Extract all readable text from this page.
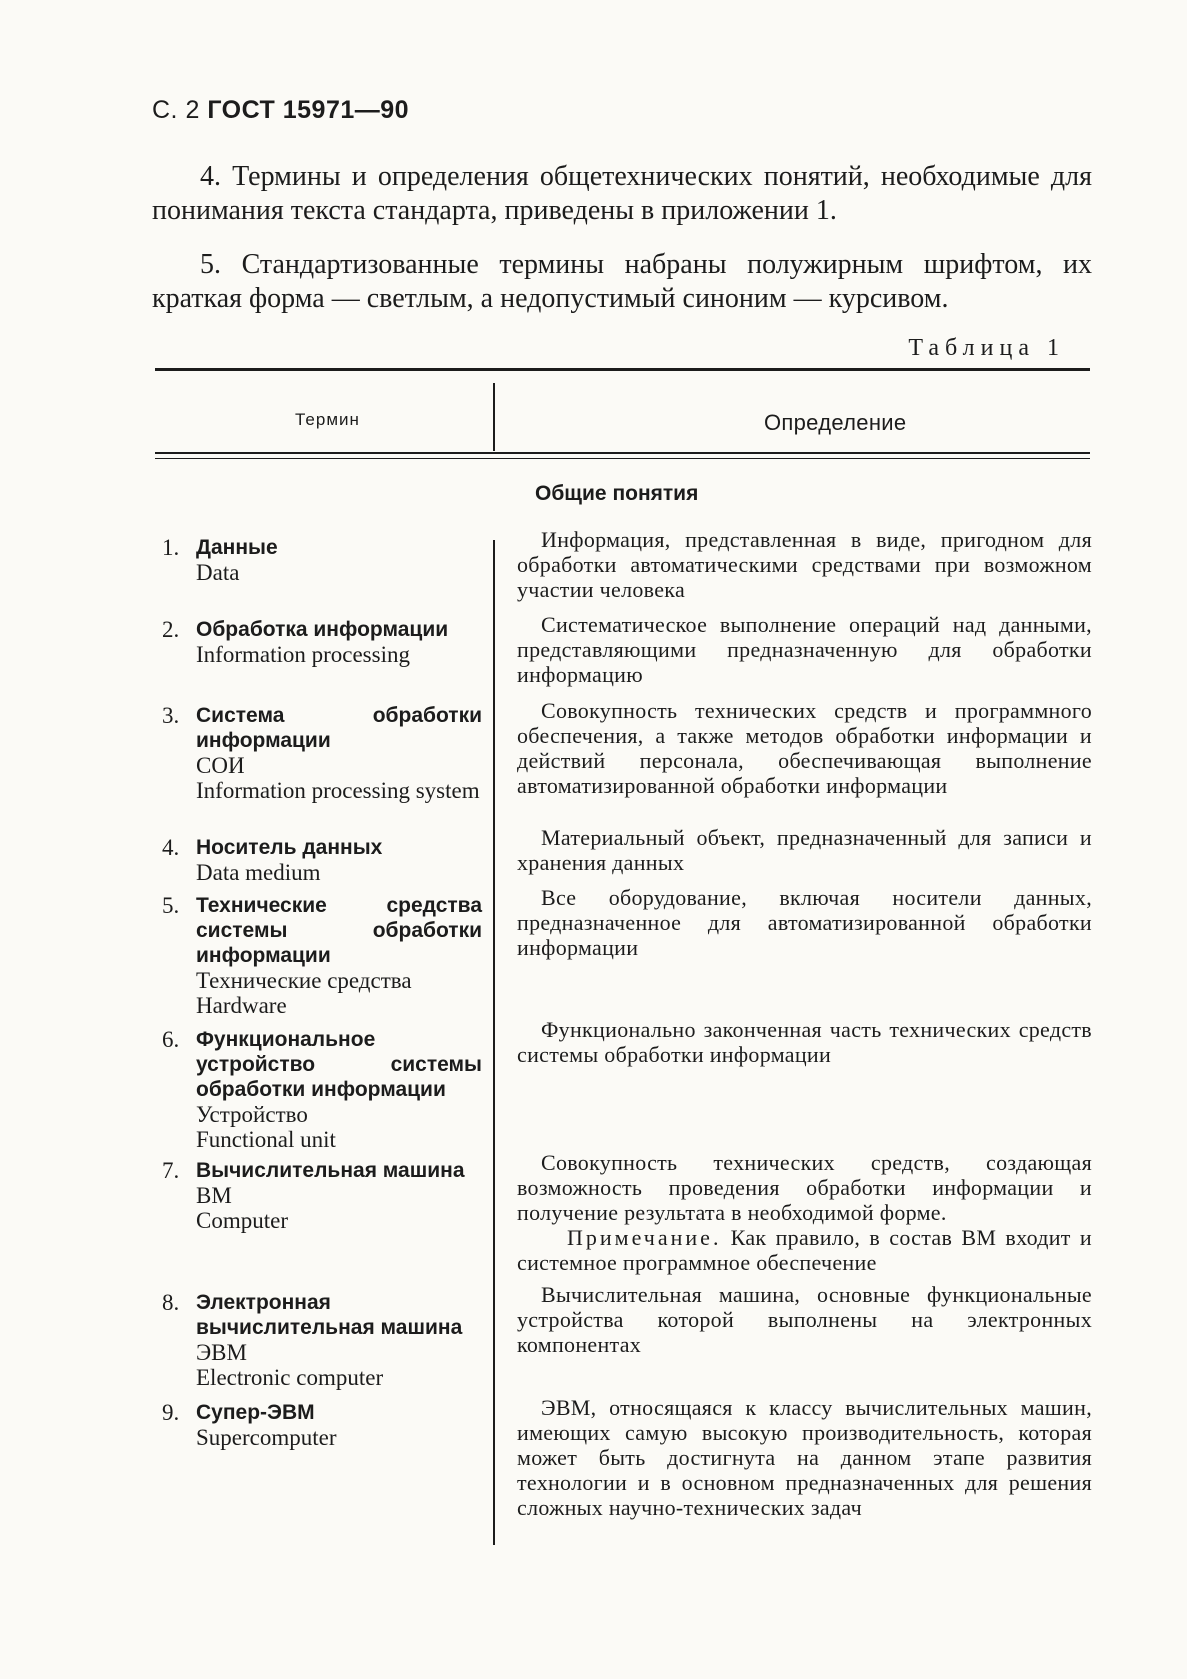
С. 2 ГОСТ 15971—90

4. Термины и определения общетехнических понятий, необходимые для понимания текста стандарта, приведены в приложении 1.

5. Стандартизованные термины набраны полужирным шрифтом, их краткая форма — светлым, а недопустимый синоним — курсивом.

Таблица 1
Термин	Определение
Общие понятия
1. Данные
Data
Информация, представленная в виде, пригодном для обработки автоматическими средствами при возможном участии человека
2. Обработка информации
Information processing
Систематическое выполнение операций над данными, представляющими предназначенную для обработки информацию
3. Система обработки информации
СОИ
Information processing system
Совокупность технических средств и программного обеспечения, а также методов обработки информации и действий персонала, обеспечивающая выполнение автоматизированной обработки информации
4. Носитель данных
Data medium
Материальный объект, предназначенный для записи и хранения данных
5. Технические средства системы обработки информации
Технические средства
Hardware
Все оборудование, включая носители данных, предназначенное для автоматизированной обработки информации
6. Функциональное устройство системы обработки информации
Устройство
Functional unit
Функционально законченная часть технических средств системы обработки информации
7. Вычислительная машина
ВМ
Computer
Совокупность технических средств, создающая возможность проведения обработки информации и получение результата в необходимой форме.
Примечание. Как правило, в состав ВМ входит и системное программное обеспечение
8. Электронная вычислительная машина
ЭВМ
Electronic computer
Вычислительная машина, основные функциональные устройства которой выполнены на электронных компонентах
9. Супер-ЭВМ
Supercomputer
ЭВМ, относящаяся к классу вычислительных машин, имеющих самую высокую производительность, которая может быть достигнута на данном этапе развития технологии и в основном предназначенных для решения сложных научно-технических задач
